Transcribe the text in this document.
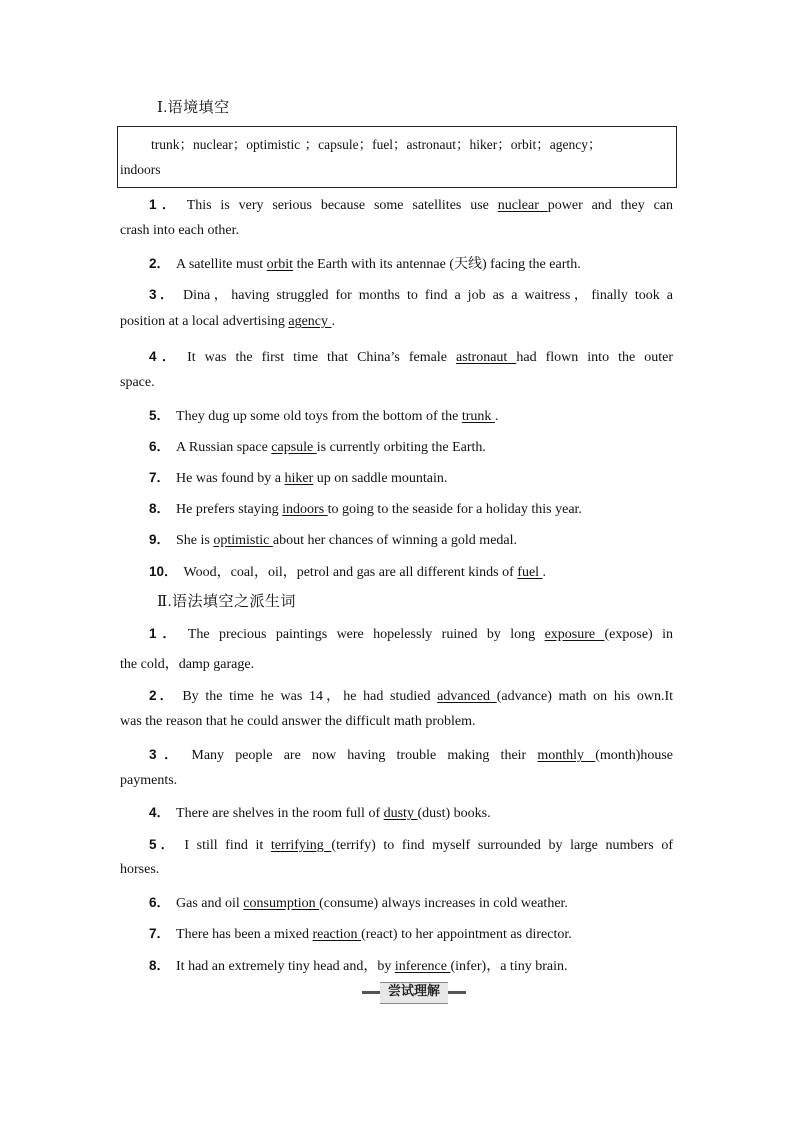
Ⅰ.语境填空
trunk；nuclear；optimistic ；capsule；fuel；astronaut；hiker；orbit；agency；
indoors
1． This is very serious because some satellites use nuclear power and they can
crash into each other.
2． A satellite must orbit the Earth with its antennae (天线) facing the earth.
3． Dina，having struggled for months to find a job as a waitress，finally took a
position at a local advertising agency .
4． It was the first time that China’s female astronaut had flown into the outer
space.
5． They dug up some old toys from the bottom of the trunk .
6． A Russian space capsule is currently orbiting the Earth.
7． He was found by a hiker up on saddle mountain.
8． He prefers staying indoors to going to the seaside for a holiday this year.
9． She is optimistic about her chances of winning a gold medal.
10． Wood，coal，oil，petrol and gas are all different kinds of fuel .
Ⅱ.语法填空之派生词
1． The precious paintings were hopelessly ruined by long exposure (expose) in
the cold，damp garage.
2． By the time he was 14，he had studied advanced (advance) math on his own.It
was the reason that he could answer the difficult math problem.
3． Many people are now having trouble making their monthly (month)house
payments.
4． There are shelves in the room full of dusty (dust) books.
5． I still find it terrifying (terrify) to find myself surrounded by large numbers of
horses.
6． Gas and oil consumption (consume) always increases in cold weather.
7． There has been a mixed reaction (react) to her appointment as director.
8． It had an extremely tiny head and，by inference (infer)，a tiny brain.
尝试理解
